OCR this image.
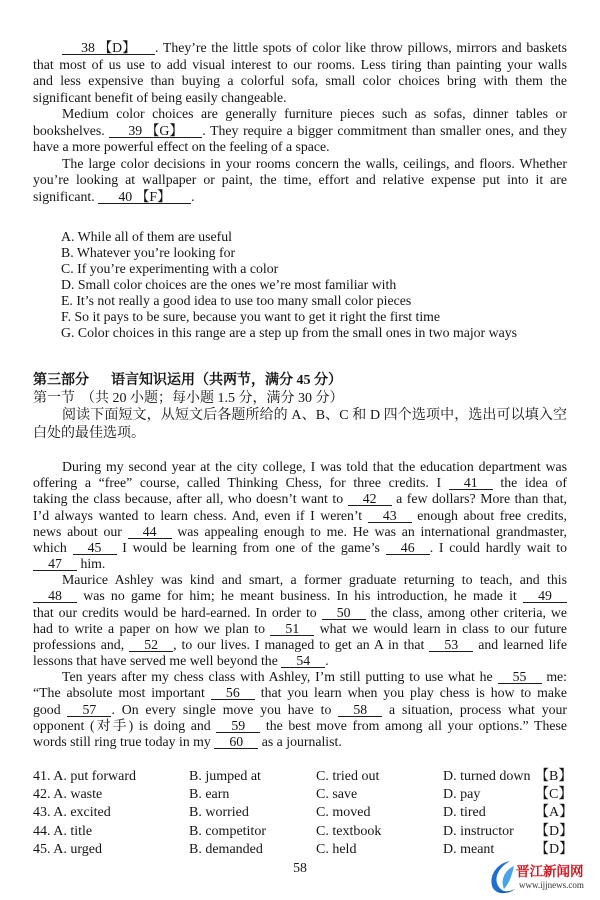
38 【D】 . They’re the little spots of color like throw pillows, mirrors and baskets
that most of us use to add visual interest to our rooms. Less tiring than painting your walls
and less expensive than buying a colorful sofa, small color choices bring with them the
significant benefit of being easily changeable.
Medium color choices are generally furniture pieces such as sofas, dinner tables or
bookshelves. 39 【G】 . They require a bigger commitment than smaller ones, and they
have a more powerful effect on the feeling of a space.
The large color decisions in your rooms concern the walls, ceilings, and floors. Whether
you’re looking at wallpaper or paint, the time, effort and relative expense put into it are
significant. 40 【F】 .
A. While all of them are useful
B. Whatever you’re looking for
C. If you’re experimenting with a color
D. Small color choices are the ones we’re most familiar with
E. It’s not really a good idea to use too many small color pieces
F. So it pays to be sure, because you want to get it right the first time
G. Color choices in this range are a step up from the small ones in two major ways
第三部分 语言知识运用（共两节，满分 45 分）
第一节 （共 20 小题；每小题 1.5 分，满分 30 分）
阅读下面短文，从短文后各题所给的 A、B、C 和 D 四个选项中，选出可以填入空
白处的最佳选项。
During my second year at the city college, I was told that the education department was
offering a “free” course, called Thinking Chess, for three credits. I 41 the idea of
taking the class because, after all, who doesn’t want to 42 a few dollars? More than that,
I’d always wanted to learn chess. And, even if I weren’t 43 enough about free credits,
news about our 44 was appealing enough to me. He was an international grandmaster,
which 45 I would be learning from one of the game’s 46 . I could hardly wait to
47 him.
Maurice Ashley was kind and smart, a former graduate returning to teach, and this
48 was no game for him; he meant business. In his introduction, he made it 49
that our credits would be hard-earned. In order to 50 the class, among other criteria, we
had to write a paper on how we plan to 51 what we would learn in class to our future
professions and, 52 , to our lives. I managed to get an A in that 53 and learned life
lessons that have served me well beyond the 54 .
Ten years after my chess class with Ashley, I’m still putting to use what he 55 me:
“The absolute most important 56 that you learn when you play chess is how to make
good 57 . On every single move you have to 58 a situation, process what your
opponent (对手) is doing and 59 the best move from among all your options.” These
words still ring true today in my 60 as a journalist.
41. A. put forward	B. jumped at	C. tried out	D. turned down 【B】
42. A. waste	B. earn	C. save	D. pay	【C】
43. A. excited	B. worried	C. moved	D. tired	【A】
44. A. title	B. competitor	C. textbook	D. instructor 【D】
45. A. urged	B. demanded	C. held	D. meant	【D】
58	晋江新闻网
www.ijjnews.com
